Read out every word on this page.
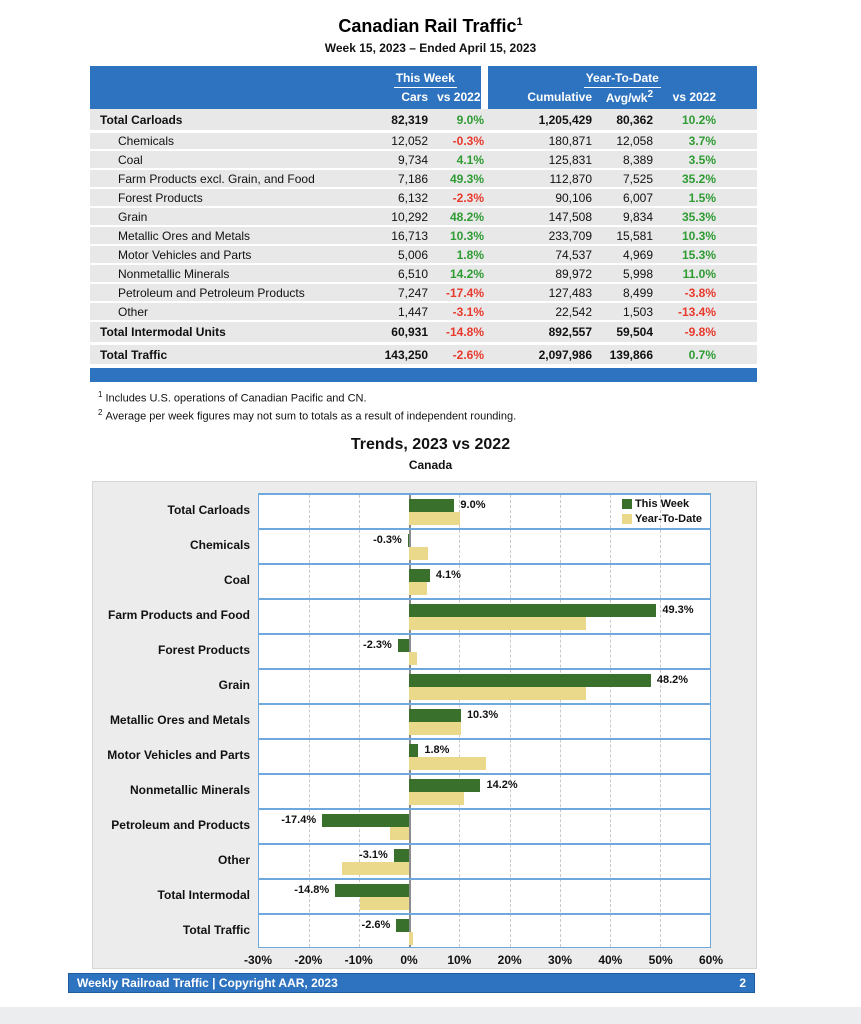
Canadian Rail Traffic$^1$
Week 15, 2023 – Ended April 15, 2023
	This Week		Year-To-Date		
	Cars	vs 2022	Cumulative	Avg/$wk^2$	vs 2022
Total Carloads	82,319	9.0%	1,205,429	80,362	10.2%
Chemicals	12,052	-0.3%	180,871	12,058	3.7%
Coal	9,734	4.1%	125,831	8,389	3.5%
Farm Products excl. Grain, and Food	7,186	49.3%	112,870	7,525	35.2%
Forest Products	6,132	-2.3%	90,106	6,007	1.5%
Grain	10,292	48.2%	147,508	9,834	35.3%
Metallic Ores and Metals	16,713	10.3%	233,709	15,581	10.3%
Motor Vehicles and Parts	5,006	1.8%	74,537	4,969	15.3%
Nonmetallic Minerals	6,510	14.2%	89,972	5,998	11.0%
Petroleum and Petroleum Products	7,247	-17.4%	127,483	8,499	-3.8%
Other	1,447	-3.1%	22,542	1,503	-13.4%
Total Intermodal Units	60,931	-14.8%	892,557	59,504	-9.8%
Total Traffic	143,250	-2.6%	2,097,986	139,866	0.7%
$^1$ Includes U.S. operations of Canadian Pacific and CN.
$^2$ Average per week figures may not sum to totals as a result of independent rounding.
Trends, 2023 vs 2022
Canada
Total Carloads
Chemicals
Coal
Farm Products and Food
Forest Products
Grain
Metallic Ores and Metals
Motor Vehicles and Parts
Nonmetallic Minerals
Petroleum and Products
Other
Total Intermodal
Total Traffic
9.0%	This Week
Year-To-Date
-0.3%
4.1%
49.3%
-2.3%
48.2%
10.3%
1.8%
14.2%
-17.4%
-3.1%
-14.8%
-2.6%
-30% -20% -10% 0% 10% 20% 30% 40% 50% 60%
Weekly Railroad Traffic | Copyright AAR, 2023	2
